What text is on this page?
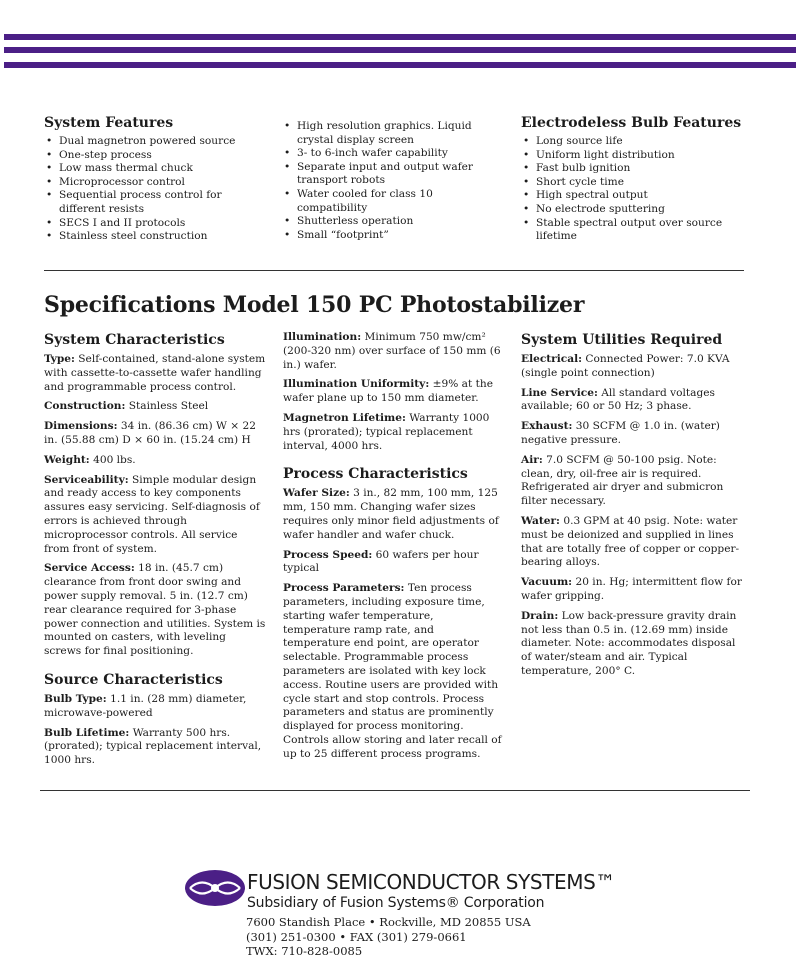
System Features
• Dual magnetron powered source
• One-step process
• Low mass thermal chuck
• Microprocessor control
• Sequential process control for different resists
• SECS I and II protocols
• Stainless steel construction
• High resolution graphics. Liquid crystal display screen
• 3- to 6-inch wafer capability
• Separate input and output wafer transport robots
• Water cooled for class 10 compatibility
• Shutterless operation
• Small “footprint”
Electrodeless Bulb Features
• Long source life
• Uniform light distribution
• Fast bulb ignition
• Short cycle time
• High spectral output
• No electrode sputtering
• Stable spectral output over source lifetime
Specifications Model 150 PC Photostabilizer
System Characteristics

Type: Self-contained, stand-alone system with cassette-to-cassette wafer handling and programmable process control.

Construction: Stainless Steel

Dimensions: 34 in. (86.36 cm) W × 22 in. (55.88 cm) D × 60 in. (15.24 cm) H

Weight: 400 lbs.

Serviceability: Simple modular design and ready access to key components assures easy servicing. Self-diagnosis of errors is achieved through microprocessor controls. All service from front of system.

Service Access: 18 in. (45.7 cm) clearance from front door swing and power supply removal. 5 in. (12.7 cm) rear clearance required for 3-phase power connection and utilities. System is mounted on casters, with leveling screws for final positioning.

Source Characteristics

Bulb Type: 1.1 in. (28 mm) diameter, microwave-powered

Bulb Lifetime: Warranty 500 hrs. (prorated); typical replacement interval, 1000 hrs.

Illumination: Minimum 750 mw/cm² (200-320 nm) over surface of 150 mm (6 in.) wafer.

Illumination Uniformity: ±9% at the wafer plane up to 150 mm diameter.

Magnetron Lifetime: Warranty 1000 hrs (prorated); typical replacement interval, 4000 hrs.

Process Characteristics

Wafer Size: 3 in., 82 mm, 100 mm, 125 mm, 150 mm. Changing wafer sizes requires only minor field adjustments of wafer handler and wafer chuck.

Process Speed: 60 wafers per hour typical

Process Parameters: Ten process parameters, including exposure time, starting wafer temperature, temperature ramp rate, and temperature end point, are operator selectable. Programmable process parameters are isolated with key lock access. Routine users are provided with cycle start and stop controls. Process parameters and status are prominently displayed for process monitoring. Controls allow storing and later recall of up to 25 different process programs.

System Utilities Required

Electrical: Connected Power: 7.0 KVA (single point connection)

Line Service: All standard voltages available; 60 or 50 Hz; 3 phase.

Exhaust: 30 SCFM @ 1.0 in. (water) negative pressure.

Air: 7.0 SCFM @ 50-100 psig. Note: clean, dry, oil-free air is required. Refrigerated air dryer and submicron filter necessary.

Water: 0.3 GPM at 40 psig. Note: water must be deionized and supplied in lines that are totally free of copper or copper-bearing alloys.

Vacuum: 20 in. Hg; intermittent flow for wafer gripping.

Drain: Low back-pressure gravity drain not less than 0.5 in. (12.69 mm) inside diameter. Note: accommodates disposal of water/steam and air. Typical temperature, 200° C.

FUSION SEMICONDUCTOR SYSTEMS™
Subsidiary of Fusion Systems® Corporation
7600 Standish Place • Rockville, MD 20855 USA
(301) 251-0300 • FAX (301) 279-0661
TWX: 710-828-0085
